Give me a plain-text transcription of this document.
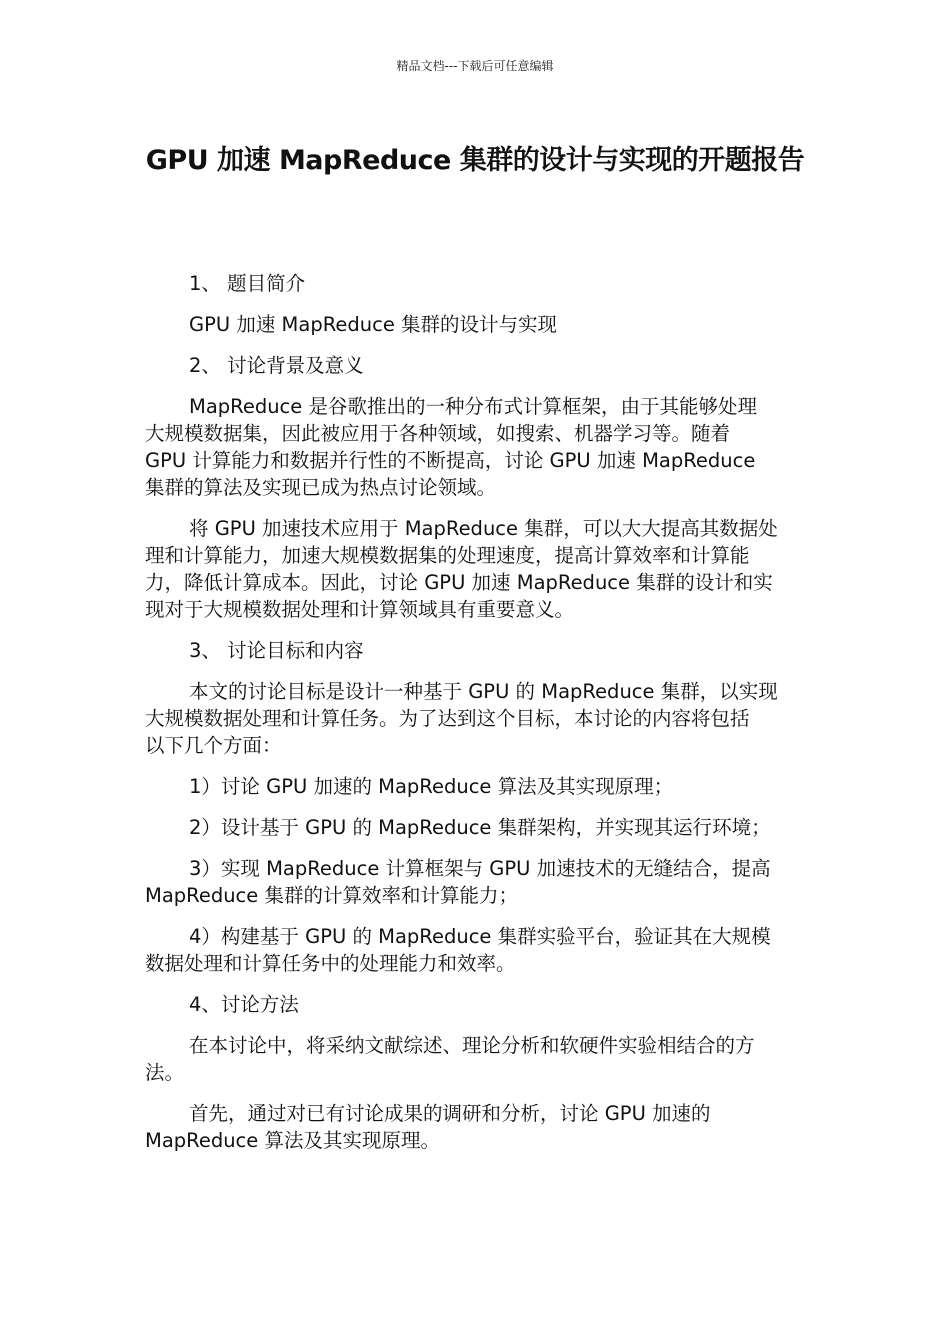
精品文档---下载后可任意编辑
GPU 加速 MapReduce 集群的设计与实现的开题报告

1、 题目简介

GPU 加速 MapReduce 集群的设计与实现

2、 讨论背景及意义

MapReduce 是谷歌推出的一种分布式计算框架，由于其能够处理
大规模数据集，因此被应用于各种领域，如搜索、机器学习等。随着
GPU 计算能力和数据并行性的不断提高，讨论 GPU 加速 MapReduce
集群的算法及实现已成为热点讨论领域。

将 GPU 加速技术应用于 MapReduce 集群，可以大大提高其数据处
理和计算能力，加速大规模数据集的处理速度，提高计算效率和计算能
力，降低计算成本。因此，讨论 GPU 加速 MapReduce 集群的设计和实
现对于大规模数据处理和计算领域具有重要意义。

3、 讨论目标和内容

本文的讨论目标是设计一种基于 GPU 的 MapReduce 集群，以实现
大规模数据处理和计算任务。为了达到这个目标，本讨论的内容将包括
以下几个方面：

1）讨论 GPU 加速的 MapReduce 算法及其实现原理；

2）设计基于 GPU 的 MapReduce 集群架构，并实现其运行环境；

3）实现 MapReduce 计算框架与 GPU 加速技术的无缝结合，提高
MapReduce 集群的计算效率和计算能力；

4）构建基于 GPU 的 MapReduce 集群实验平台，验证其在大规模
数据处理和计算任务中的处理能力和效率。

4、讨论方法

在本讨论中，将采纳文献综述、理论分析和软硬件实验相结合的方
法。

首先，通过对已有讨论成果的调研和分析，讨论 GPU 加速的
MapReduce 算法及其实现原理。
